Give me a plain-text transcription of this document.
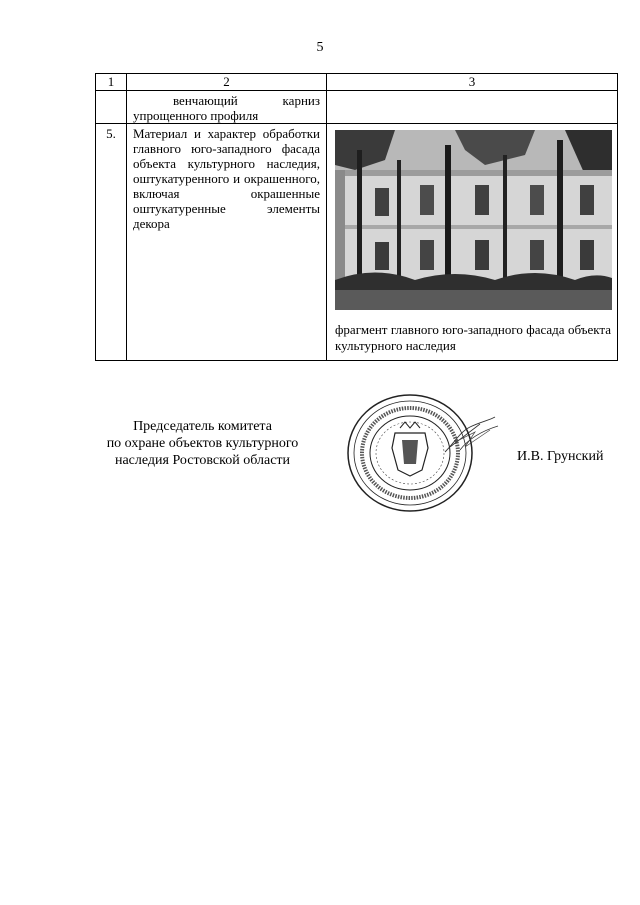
5
1	2	3

	венчающий карниз
упрощенного профиля	

5.	Материал и характер обработки главного юго-западного фасада объекта культурного наследия, оштукатуренного и окрашенного, включая окрашенные оштукатуренные элементы декора	фрагмент главного юго-западного фасада объекта культурного наследия
Председатель комитета
по охране объектов культурного
наследия Ростовской области	И.В. Грунский
